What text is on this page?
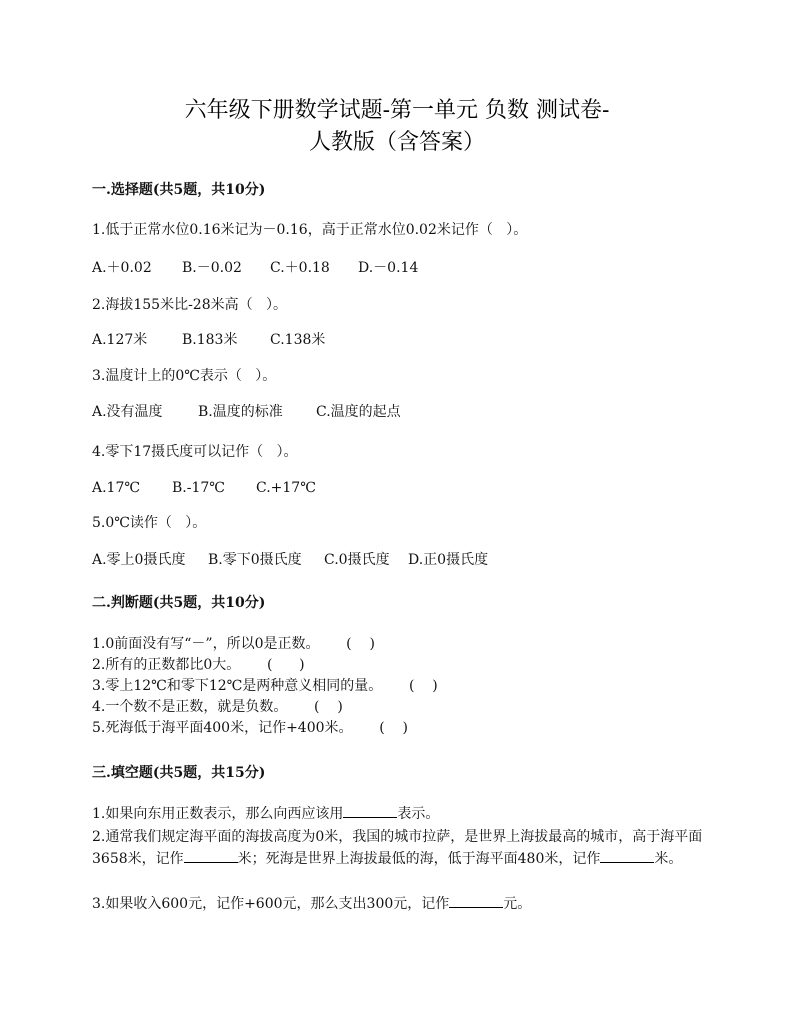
六年级下册数学试题-第一单元 负数 测试卷-
人教版（含答案）
一.选择题(共5题，共10分)
1.低于正常水位0.16米记为－0.16，高于正常水位0.02米记作（   ）。
A.＋0.02 B.－0.02 C.＋0.18 D.－0.14
2.海拔155米比-28米高（   ）。
A.127米 B.183米 C.138米
3.温度计上的0℃表示（   ）。
A.没有温度	B.温度的标准 C.温度的起点
4.零下17摄氏度可以记作（   ）。
A.17℃ B.-17℃ C.+17℃
5.0℃读作（   ）。
A.零上0摄氏度 B.零下0摄氏度 C.0摄氏度 D.正0摄氏度
二.判断题(共5题，共10分)
1.0前面没有写“－”，所以0是正数。      (    )
2.所有的正数都比0大。      (      )
3.零上12℃和零下12℃是两种意义相同的量。      (    )
4.一个数不是正数，就是负数。      (    )
5.死海低于海平面400米，记作+400米。      (    )
三.填空题(共5题，共15分)
1.如果向东用正数表示，那么向西应该用	表示。
2.通常我们规定海平面的海拔高度为0米，我国的城市拉萨，是世界上海拔最高的城市，高于海平面3658米，记作	米；死海是世界上海拔最低的海，低于海平面480米，记作	米。
3.如果收入600元，记作+600元，那么支出300元，记作	元。
